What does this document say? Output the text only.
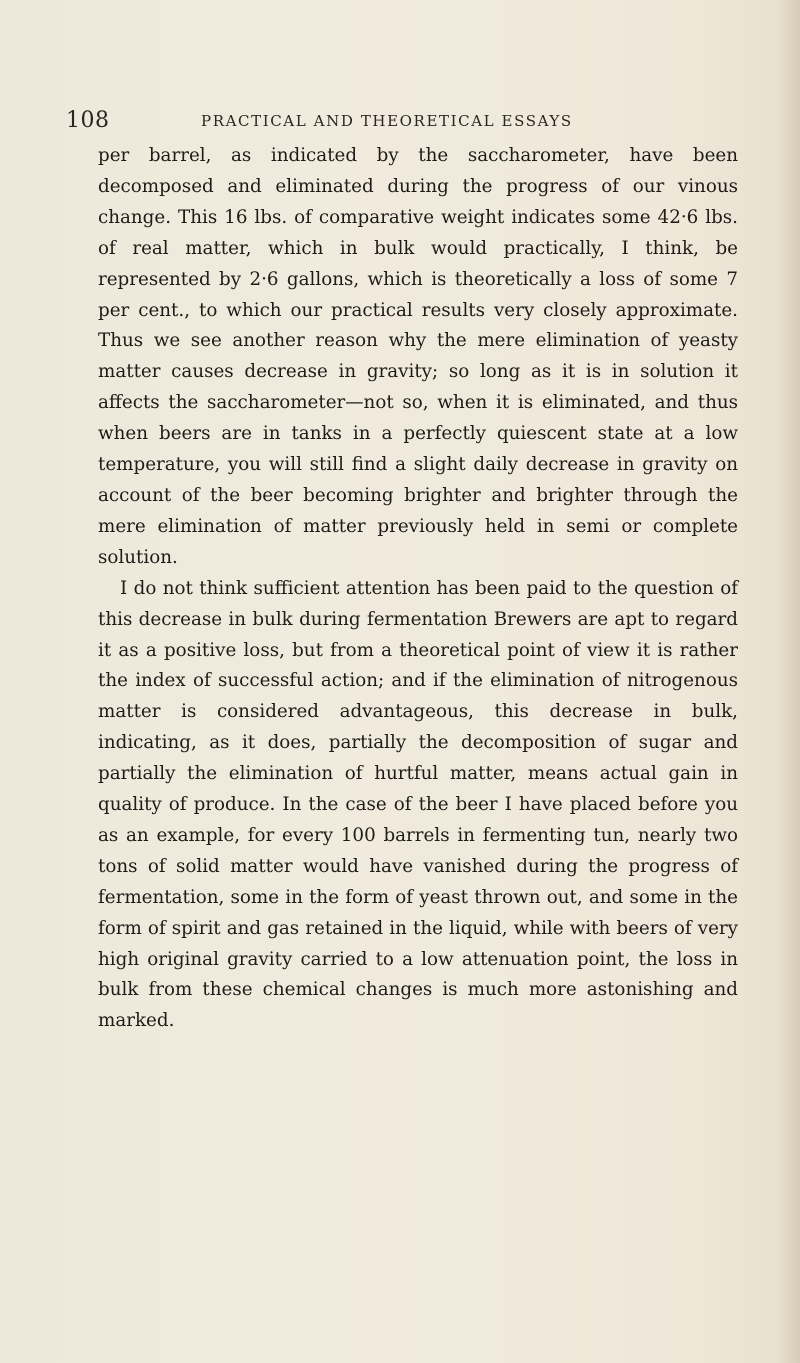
108	PRACTICAL AND THEORETICAL ESSAYS

per barrel, as indicated by the saccharometer, have been decomposed and eliminated during the progress of our vinous change. This 16 lbs. of comparative weight indicates some 42·6 lbs. of real matter, which in bulk would practically, I think, be represented by 2·6 gallons, which is theoretically a loss of some 7 per cent., to which our practical results very closely approximate. Thus we see another reason why the mere elimination of yeasty matter causes decrease in gravity; so long as it is in solution it affects the saccharometer—not so, when it is eliminated, and thus when beers are in tanks in a perfectly quiescent state at a low temperature, you will still find a slight daily decrease in gravity on account of the beer becoming brighter and brighter through the mere elimination of matter previously held in semi or complete solution.

I do not think sufficient attention has been paid to the question of this decrease in bulk during fermentation Brewers are apt to regard it as a positive loss, but from a theoretical point of view it is rather the index of successful action; and if the elimination of nitrogenous matter is considered advantageous, this decrease in bulk, indicating, as it does, partially the decomposition of sugar and partially the elimination of hurtful matter, means actual gain in quality of produce. In the case of the beer I have placed before you as an example, for every 100 barrels in fermenting tun, nearly two tons of solid matter would have vanished during the progress of fermentation, some in the form of yeast thrown out, and some in the form of spirit and gas retained in the liquid, while with beers of very high original gravity carried to a low attenuation point, the loss in bulk from these chemical changes is much more astonishing and marked.
